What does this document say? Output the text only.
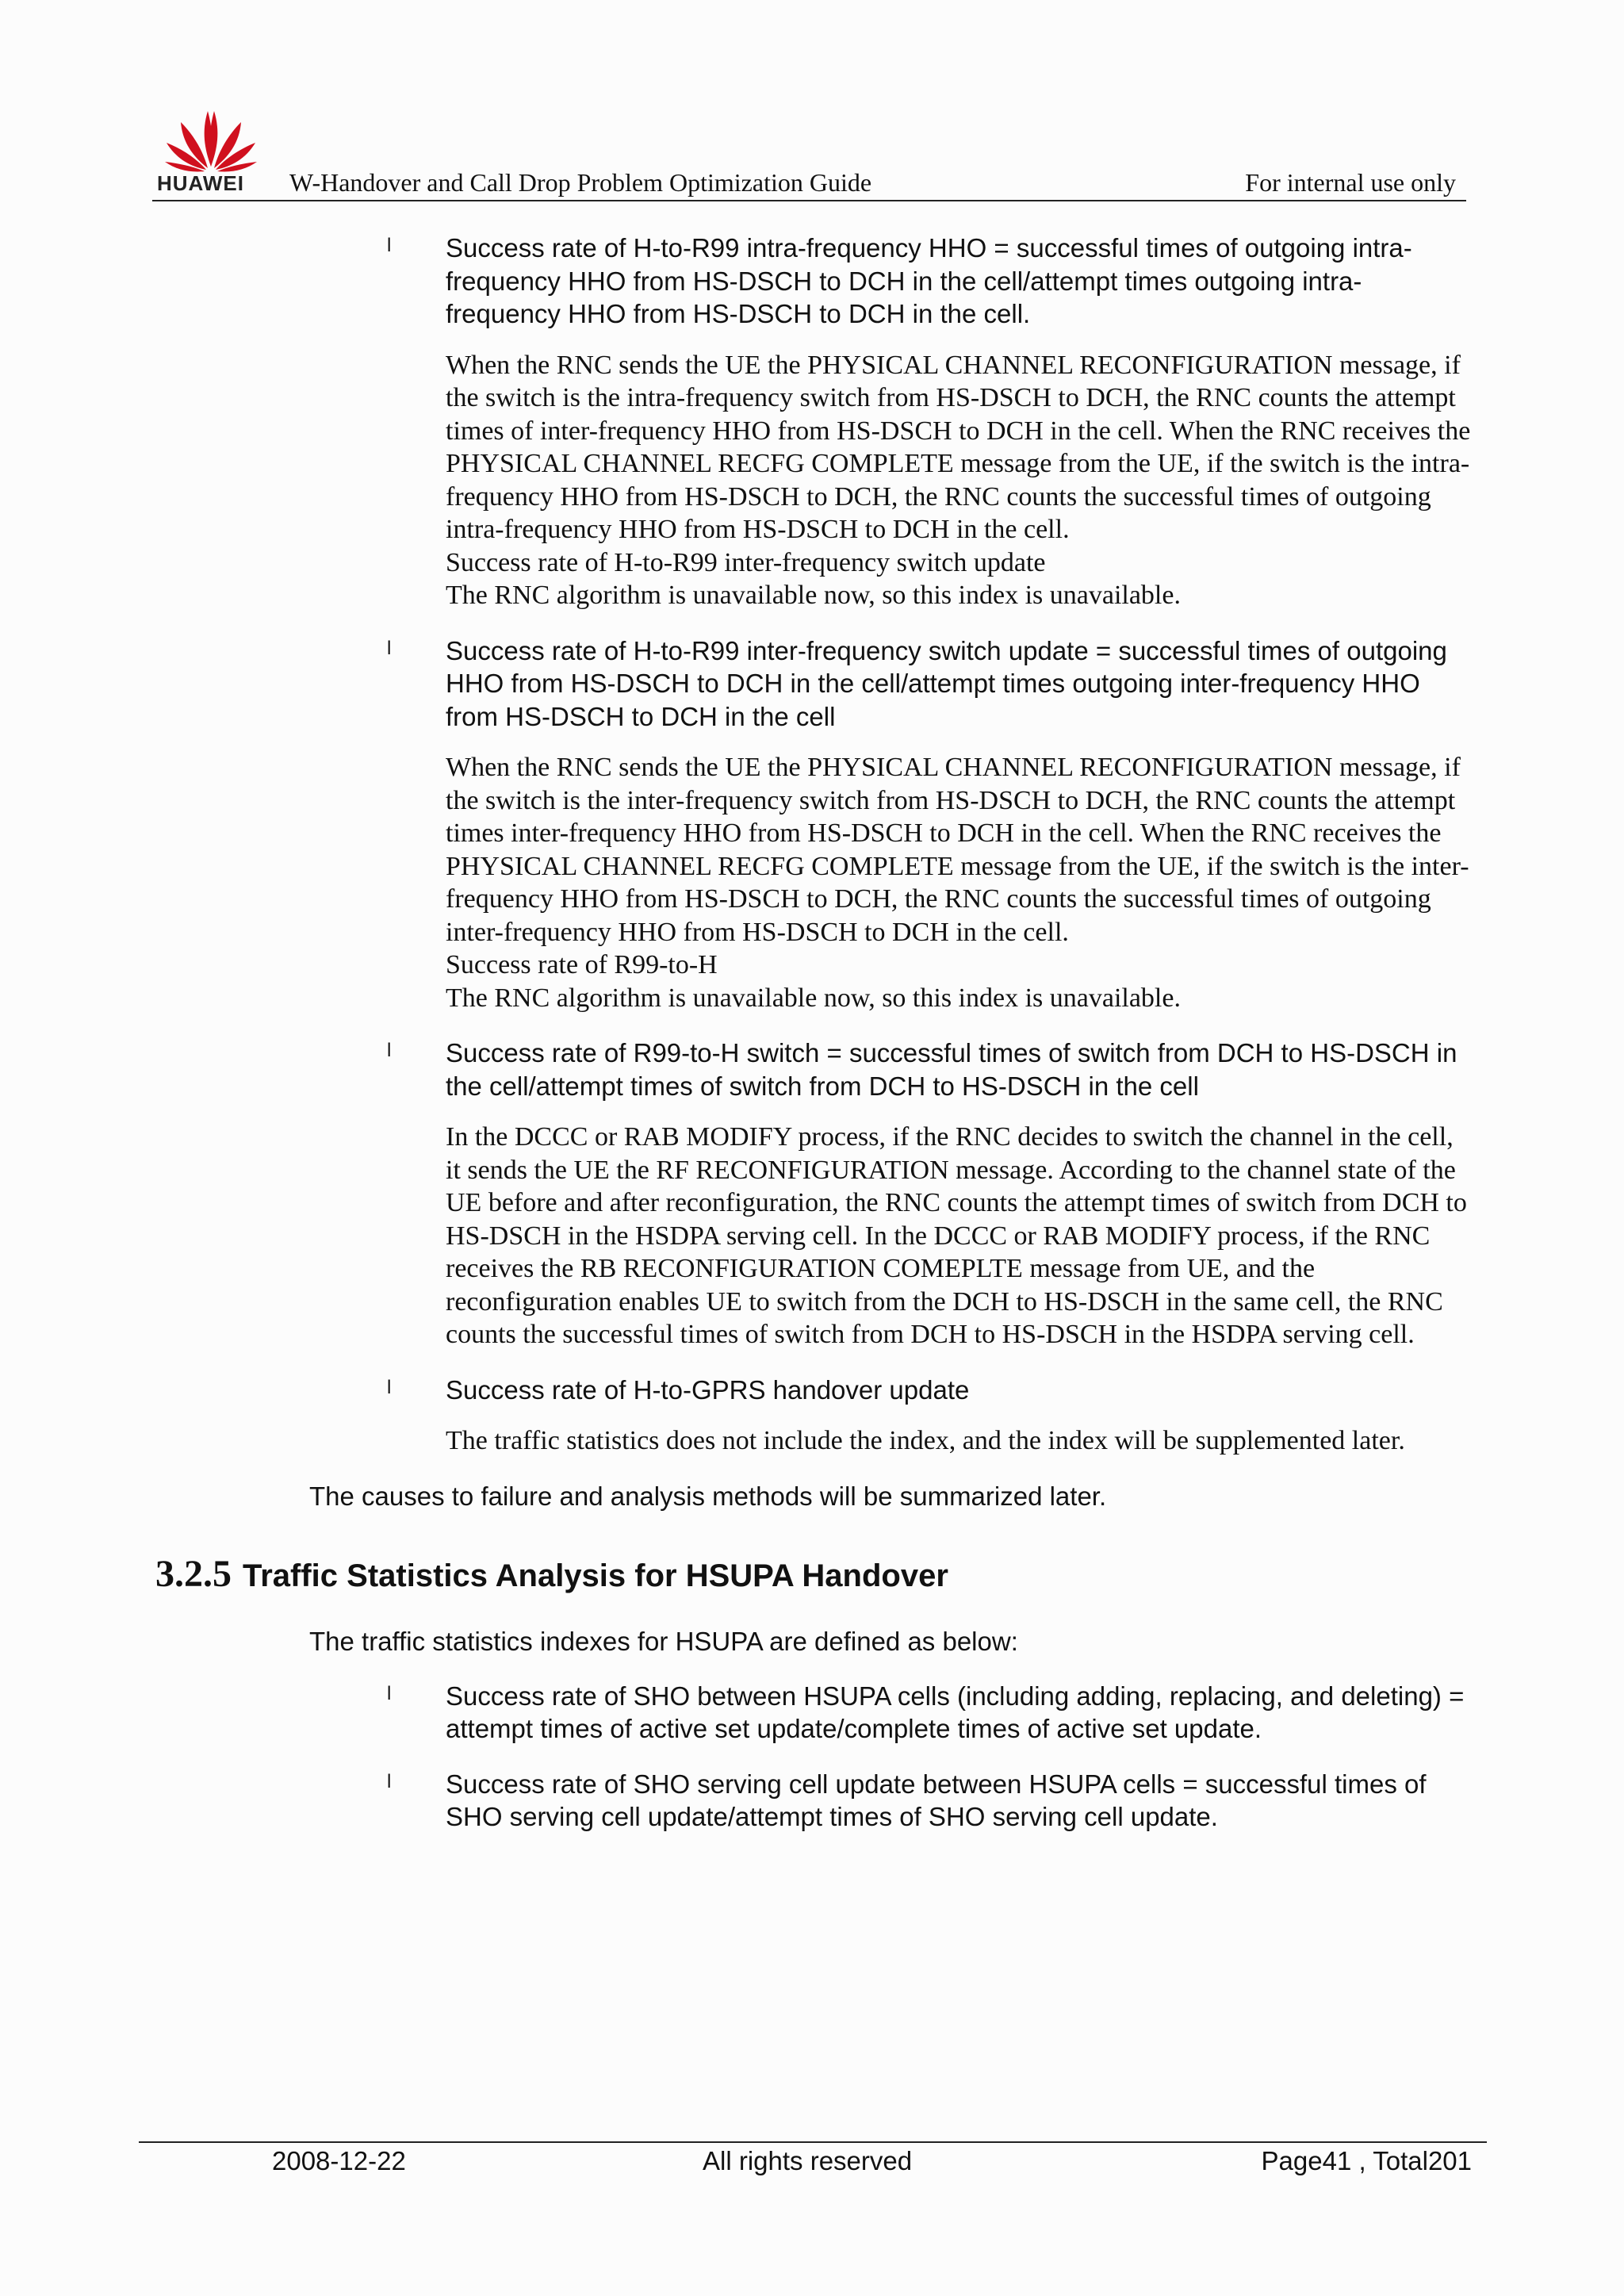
HUAWEI W-Handover and Call Drop Problem Optimization Guide	For internal use only
l Success rate of H-to-R99 intra-frequency HHO = successful times of outgoing intra-frequency HHO from HS-DSCH to DCH in the cell/attempt times outgoing intra-frequency HHO from HS-DSCH to DCH in the cell.

When the RNC sends the UE the PHYSICAL CHANNEL RECONFIGURATION message, if the switch is the intra-frequency switch from HS-DSCH to DCH, the RNC counts the attempt times of inter-frequency HHO from HS-DSCH to DCH in the cell. When the RNC receives the PHYSICAL CHANNEL RECFG COMPLETE message from the UE, if the switch is the intra-frequency HHO from HS-DSCH to DCH, the RNC counts the successful times of outgoing intra-frequency HHO from HS-DSCH to DCH in the cell.

Success rate of H-to-R99 inter-frequency switch update

The RNC algorithm is unavailable now, so this index is unavailable.

l Success rate of H-to-R99 inter-frequency switch update = successful times of outgoing HHO from HS-DSCH to DCH in the cell/attempt times outgoing inter-frequency HHO from HS-DSCH to DCH in the cell

When the RNC sends the UE the PHYSICAL CHANNEL RECONFIGURATION message, if the switch is the inter-frequency switch from HS-DSCH to DCH, the RNC counts the attempt times inter-frequency HHO from HS-DSCH to DCH in the cell. When the RNC receives the PHYSICAL CHANNEL RECFG COMPLETE message from the UE, if the switch is the inter-frequency HHO from HS-DSCH to DCH, the RNC counts the successful times of outgoing inter-frequency HHO from HS-DSCH to DCH in the cell.

Success rate of R99-to-H

The RNC algorithm is unavailable now, so this index is unavailable.

l Success rate of R99-to-H switch = successful times of switch from DCH to HS-DSCH in the cell/attempt times of switch from DCH to HS-DSCH in the cell

In the DCCC or RAB MODIFY process, if the RNC decides to switch the channel in the cell, it sends the UE the RF RECONFIGURATION message. According to the channel state of the UE before and after reconfiguration, the RNC counts the attempt times of switch from DCH to HS-DSCH in the HSDPA serving cell. In the DCCC or RAB MODIFY process, if the RNC receives the RB RECONFIGURATION COMEPLTE message from UE, and the reconfiguration enables UE to switch from the DCH to HS-DSCH in the same cell, the RNC counts the successful times of switch from DCH to HS-DSCH in the HSDPA serving cell.

l Success rate of H-to-GPRS handover update

The traffic statistics does not include the index, and the index will be supplemented later.

The causes to failure and analysis methods will be summarized later.
3.2.5 Traffic Statistics Analysis for HSUPA Handover
The traffic statistics indexes for HSUPA are defined as below:
l Success rate of SHO between HSUPA cells (including adding, replacing, and deleting) = attempt times of active set update/complete times of active set update.

l Success rate of SHO serving cell update between HSUPA cells = successful times of SHO serving cell update/attempt times of SHO serving cell update.

2008-12-22	All rights reserved	Page41 , Total201
